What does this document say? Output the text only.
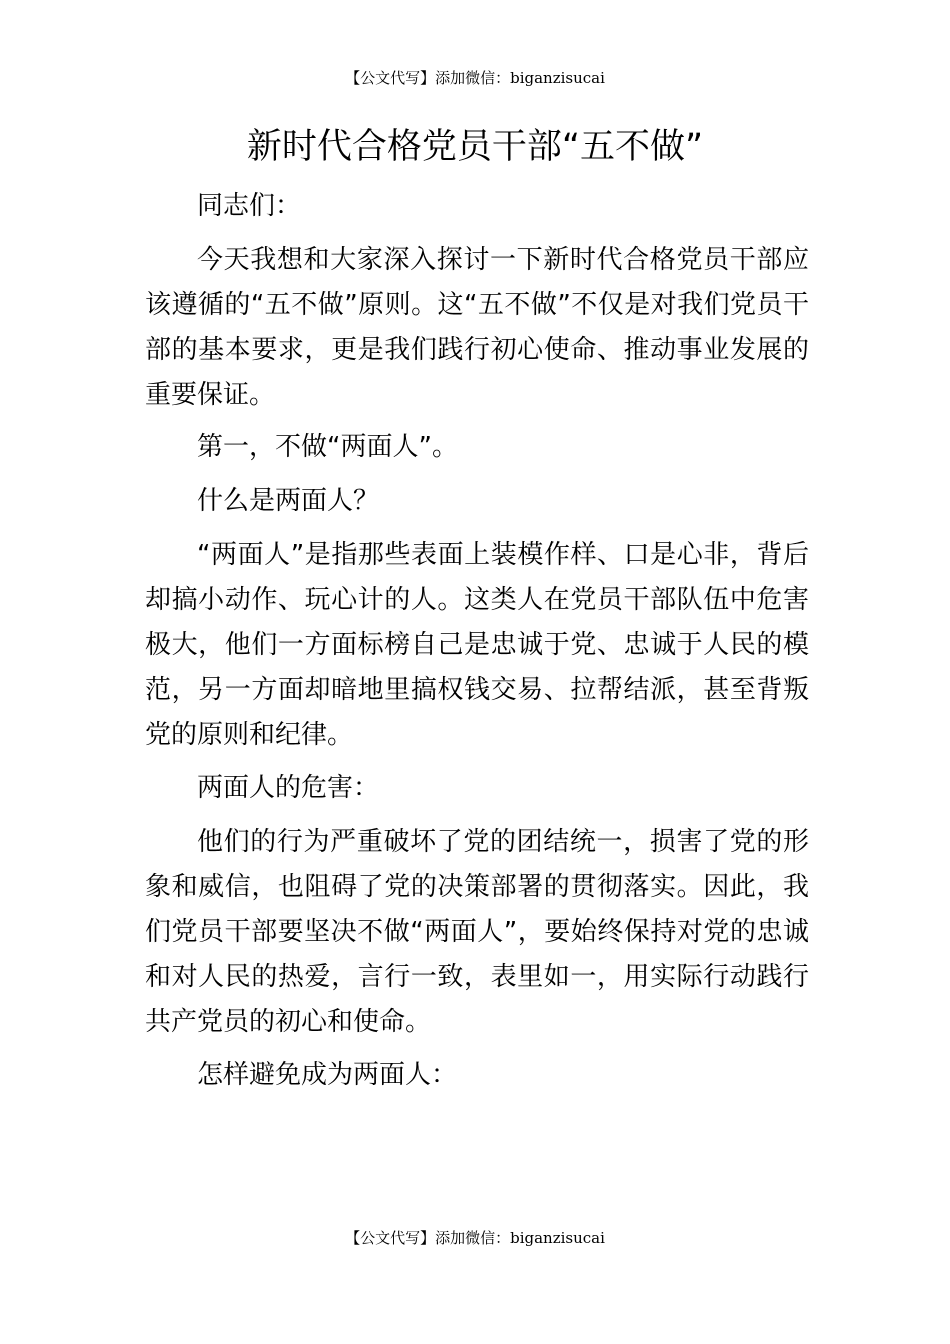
【公文代写】添加微信：biganzisucai
新时代合格党员干部“五不做”

同志们：

今天我想和大家深入探讨一下新时代合格党员干部应该遵循的“五不做”原则。这“五不做”不仅是对我们党员干部的基本要求，更是我们践行初心使命、推动事业发展的重要保证。

第一，不做“两面人”。

什么是两面人？

“两面人”是指那些表面上装模作样、口是心非，背后却搞小动作、玩心计的人。这类人在党员干部队伍中危害极大，他们一方面标榜自己是忠诚于党、忠诚于人民的模范，另一方面却暗地里搞权钱交易、拉帮结派，甚至背叛党的原则和纪律。

两面人的危害：

他们的行为严重破坏了党的团结统一，损害了党的形象和威信，也阻碍了党的决策部署的贯彻落实。因此，我们党员干部要坚决不做“两面人”，要始终保持对党的忠诚和对人民的热爱，言行一致，表里如一，用实际行动践行共产党员的初心和使命。

怎样避免成为两面人：

【公文代写】添加微信：biganzisucai
